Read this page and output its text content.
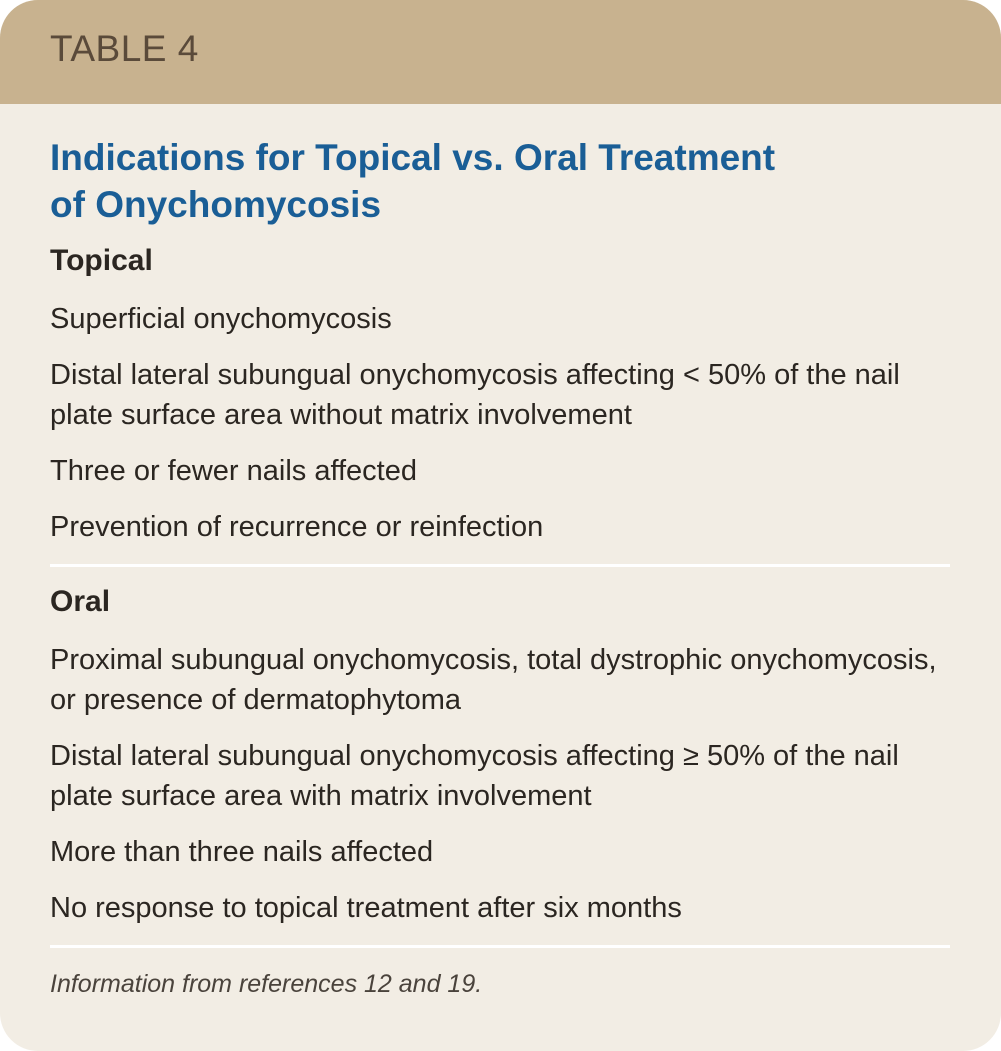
TABLE 4
Indications for Topical vs. Oral Treatment
of Onychomycosis
Topical
Superficial onychomycosis
Distal lateral subungual onychomycosis affecting < 50% of the nail plate surface area without matrix involvement
Three or fewer nails affected
Prevention of recurrence or reinfection
Oral
Proximal subungual onychomycosis, total dystrophic onychomycosis, or presence of dermatophytoma
Distal lateral subungual onychomycosis affecting ≥ 50% of the nail plate surface area with matrix involvement
More than three nails affected
No response to topical treatment after six months
Information from references 12 and 19.
